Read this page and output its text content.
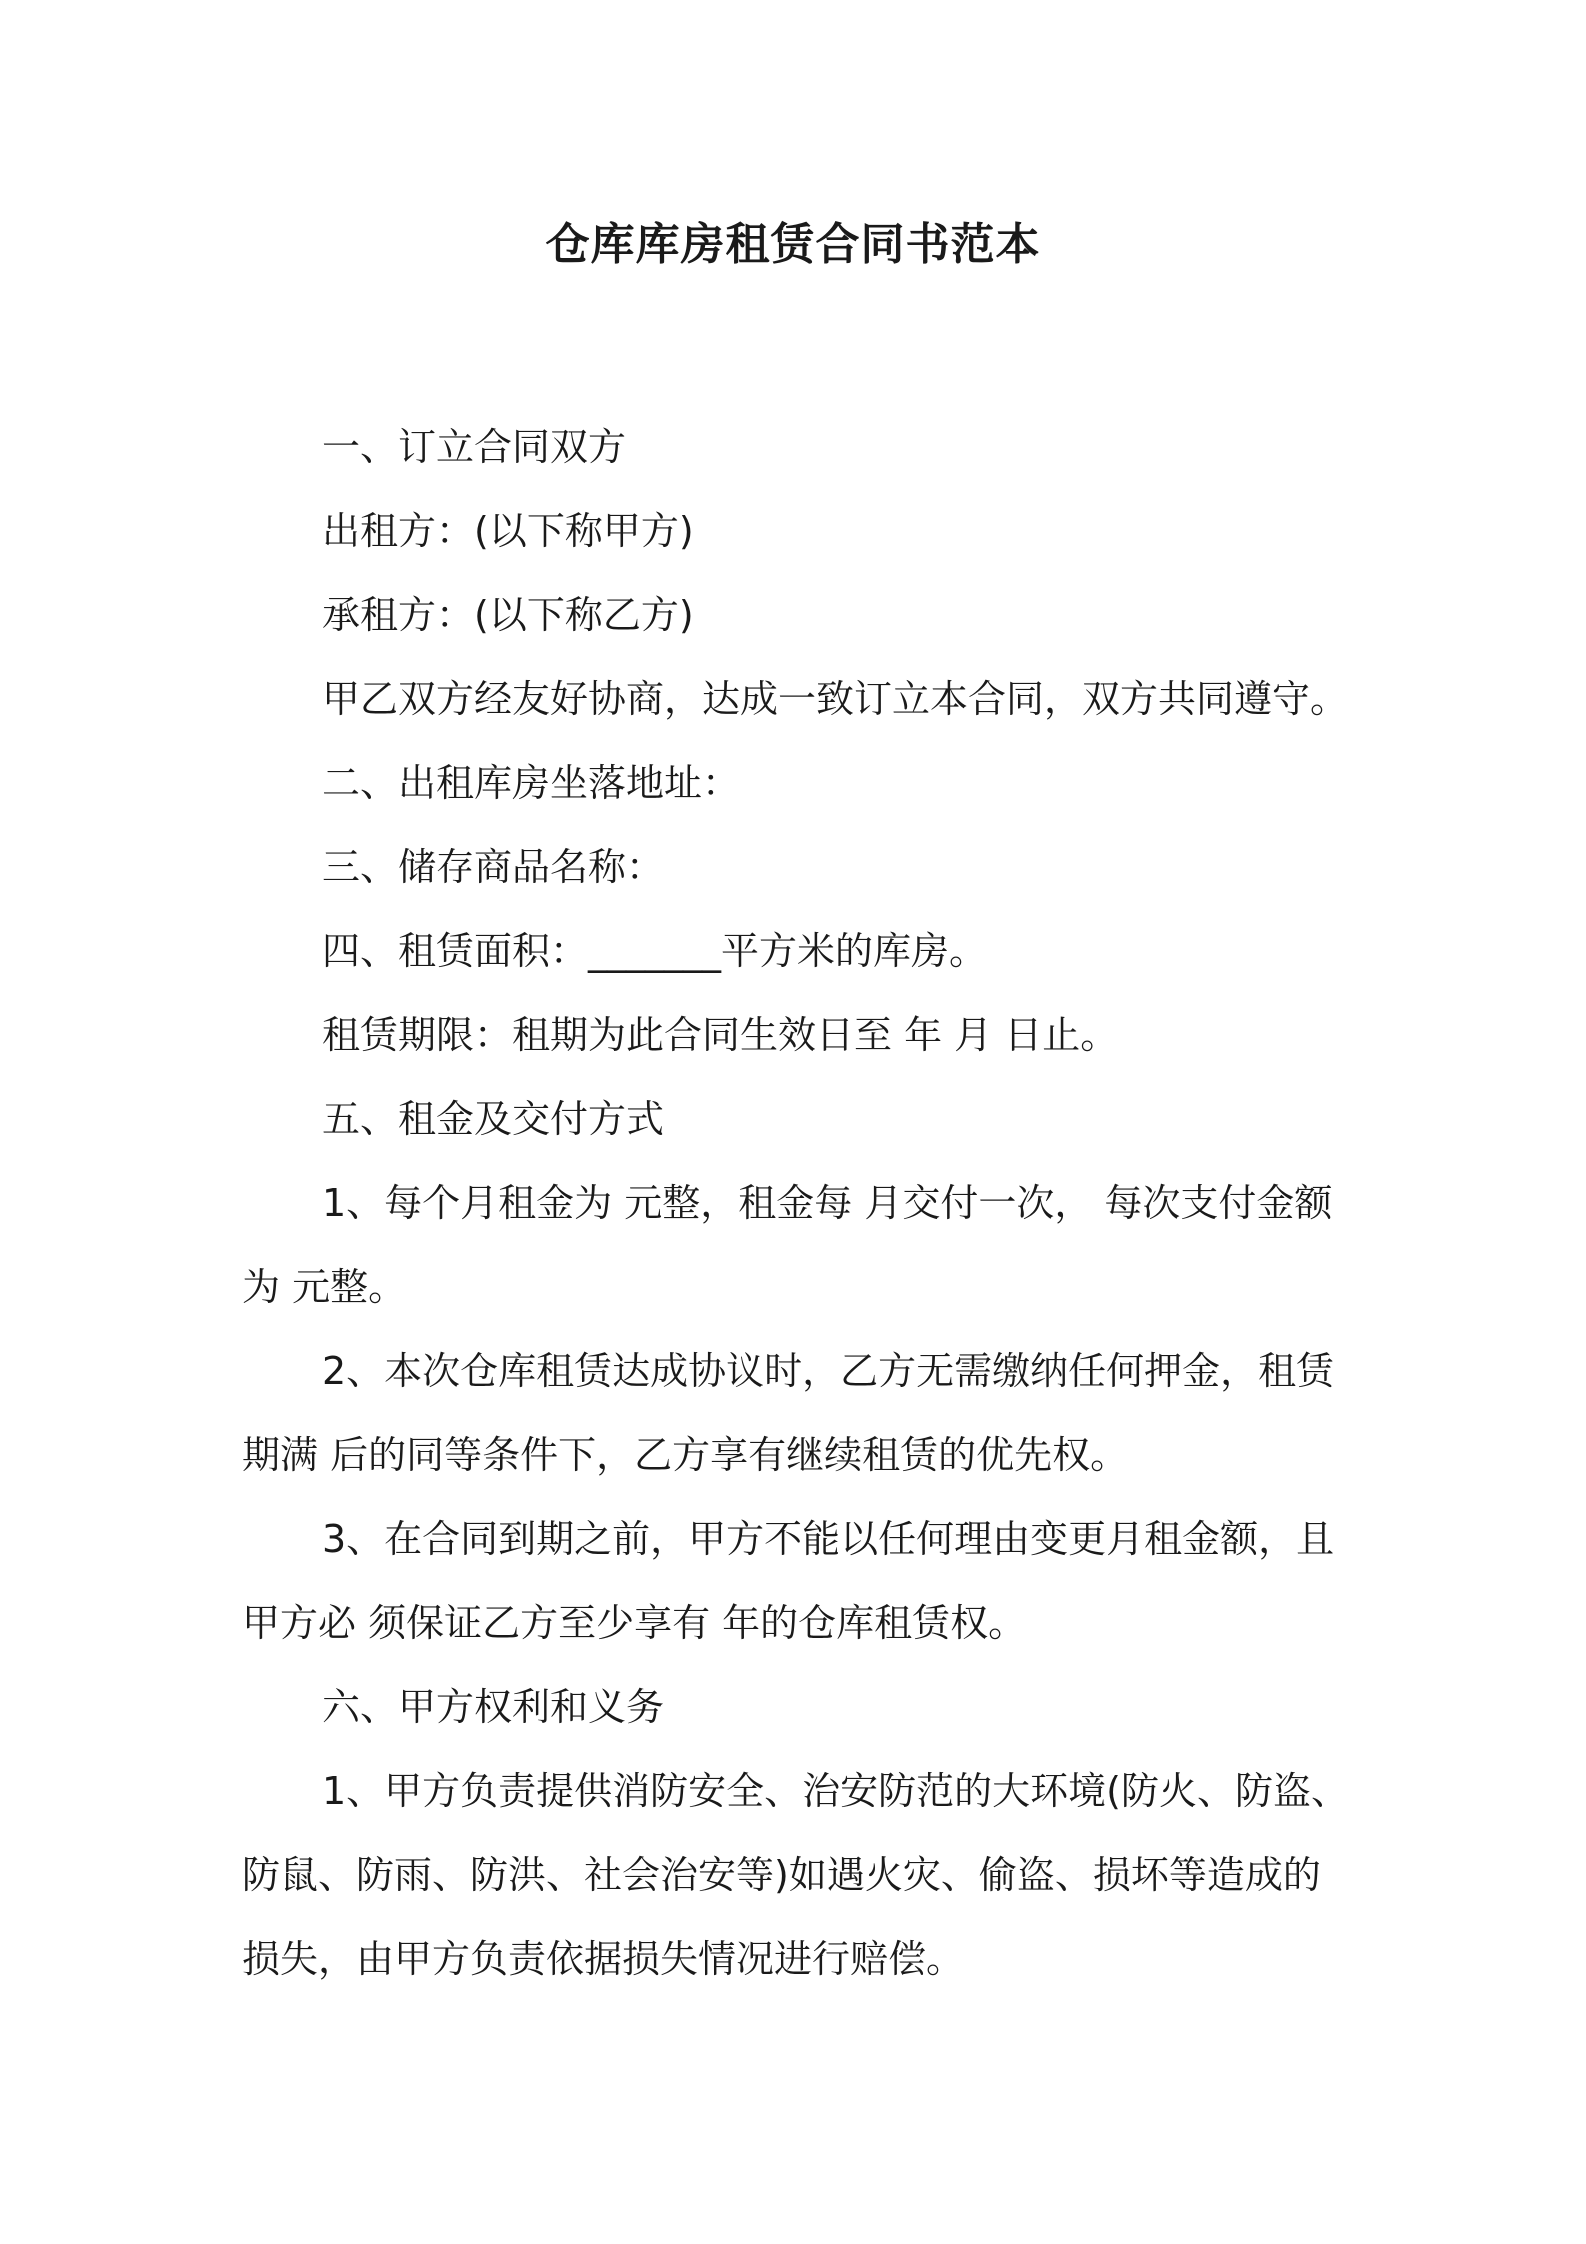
仓库库房租赁合同书范本

一、订立合同双方

出租方：(以下称甲方)

承租方：(以下称乙方)

甲乙双方经友好协商，达成一致订立本合同，双方共同遵守。

二、出租库房坐落地址：

三、储存商品名称：

四、租赁面积：_______平方米的库房。

租赁期限：租期为此合同生效日至 年 月 日止。

五、租金及交付方式

1、每个月租金为 元整，租金每 月交付一次， 每次支付金额为 元整。

2、本次仓库租赁达成协议时，乙方无需缴纳任何押金，租赁期满 后的同等条件下，乙方享有继续租赁的优先权。

3、在合同到期之前，甲方不能以任何理由变更月租金额，且甲方必 须保证乙方至少享有 年的仓库租赁权。

六、甲方权利和义务

1、甲方负责提供消防安全、治安防范的大环境(防火、防盗、防鼠、防雨、防洪、社会治安等)如遇火灾、偷盗、损坏等造成的损失，由甲方负责依据损失情况进行赔偿。
